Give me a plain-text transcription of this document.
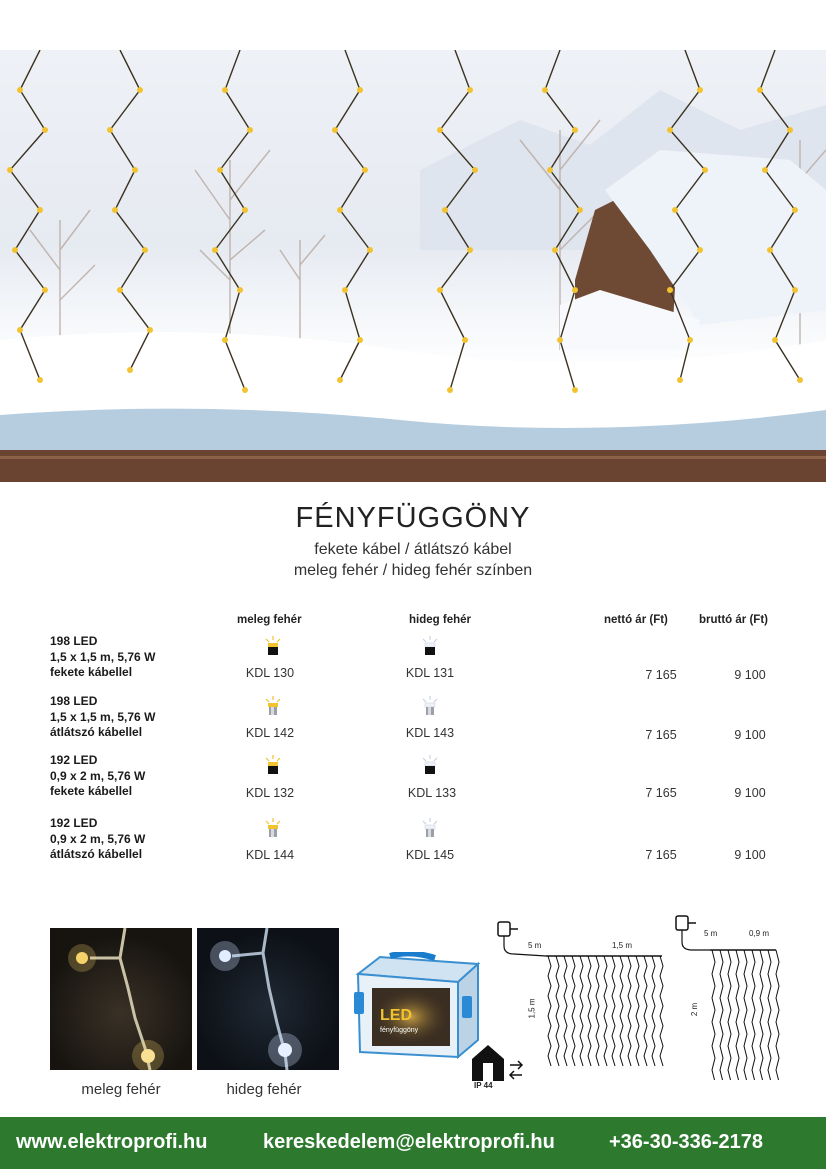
FÉNYFÜGGÖNY
fekete kábel / átlátszó kábel
meleg fehér / hideg fehér színben
meleg fehér	hideg fehér	nettó ár (Ft)	bruttó ár (Ft)
198 LED
1,5 x 1,5 m, 5,76 W
fekete kábellel	KDL 130	KDL 131	7 165	9 100
198 LED
1,5 x 1,5 m, 5,76 W
átlátszó kábellel	KDL 142	KDL 143	7 165	9 100
192 LED
0,9 x 2 m, 5,76 W
fekete kábellel	KDL 132	KDL 133	7 165	9 100
192 LED
0,9 x 2 m, 5,76 W
átlátszó kábellel	KDL 144	KDL 145	7 165	9 100
meleg fehér	hideg fehér
LED
fényfüggöny
IP 44
5 m	1,5 m
1,5 m
5 m	0,9 m
2 m
www.elektroprofi.hu	kereskedelem@elektroprofi.hu	+36-30-336-2178
